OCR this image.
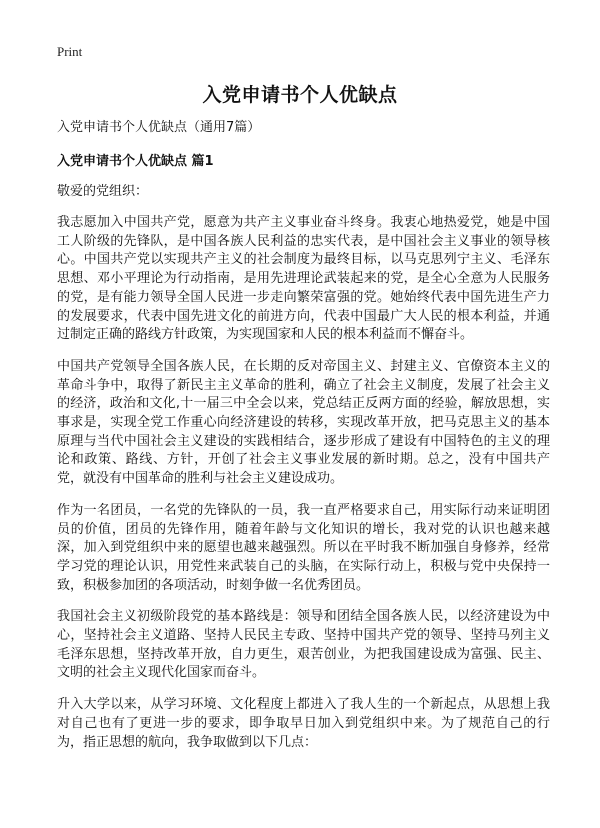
Print
入党申请书个人优缺点

入党申请书个人优缺点（通用7篇）

入党申请书个人优缺点 篇1

敬爱的党组织：

我志愿加入中国共产党，愿意为共产主义事业奋斗终身。我衷心地热爱党，她是中国工人阶级的先锋队，是中国各族人民利益的忠实代表，是中国社会主义事业的领导核心。中国共产党以实现共产主义的社会制度为最终目标，以马克思列宁主义、毛泽东思想、邓小平理论为行动指南，是用先进理论武装起来的党，是全心全意为人民服务的党，是有能力领导全国人民进一步走向繁荣富强的党。她始终代表中国先进生产力的发展要求，代表中国先进文化的前进方向，代表中国最广大人民的根本利益，并通过制定正确的路线方针政策，为实现国家和人民的根本利益而不懈奋斗。

中国共产党领导全国各族人民，在长期的反对帝国主义、封建主义、官僚资本主义的革命斗争中，取得了新民主主义革命的胜利，确立了社会主义制度，发展了社会主义的经济，政治和文化,十一届三中全会以来，党总结正反两方面的经验，解放思想，实事求是，实现全党工作重心向经济建设的转移，实现改革开放，把马克思主义的基本原理与当代中国社会主义建设的实践相结合，逐步形成了建设有中国特色的主义的理论和政策、路线、方针，开创了社会主义事业发展的新时期。总之，没有中国共产党，就没有中国革命的胜利与社会主义建设成功。

作为一名团员，一名党的先锋队的一员，我一直严格要求自己，用实际行动来证明团员的价值，团员的先锋作用，随着年龄与文化知识的增长，我对党的认识也越来越深，加入到党组织中来的愿望也越来越强烈。所以在平时我不断加强自身修养，经常学习党的理论认识，用党性来武装自己的头脑，在实际行动上，积极与党中央保持一致，积极参加团的各项活动，时刻争做一名优秀团员。

我国社会主义初级阶段党的基本路线是：领导和团结全国各族人民，以经济建设为中心，坚持社会主义道路、坚持人民民主专政、坚持中国共产党的领导、坚持马列主义毛泽东思想，坚持改革开放，自力更生，艰苦创业，为把我国建设成为富强、民主、文明的社会主义现代化国家而奋斗。

升入大学以来，从学习环境、文化程度上都进入了我人生的一个新起点，从思想上我对自己也有了更进一步的要求，即争取早日加入到党组织中来。为了规范自己的行为，指正思想的航向，我争取做到以下几点：
